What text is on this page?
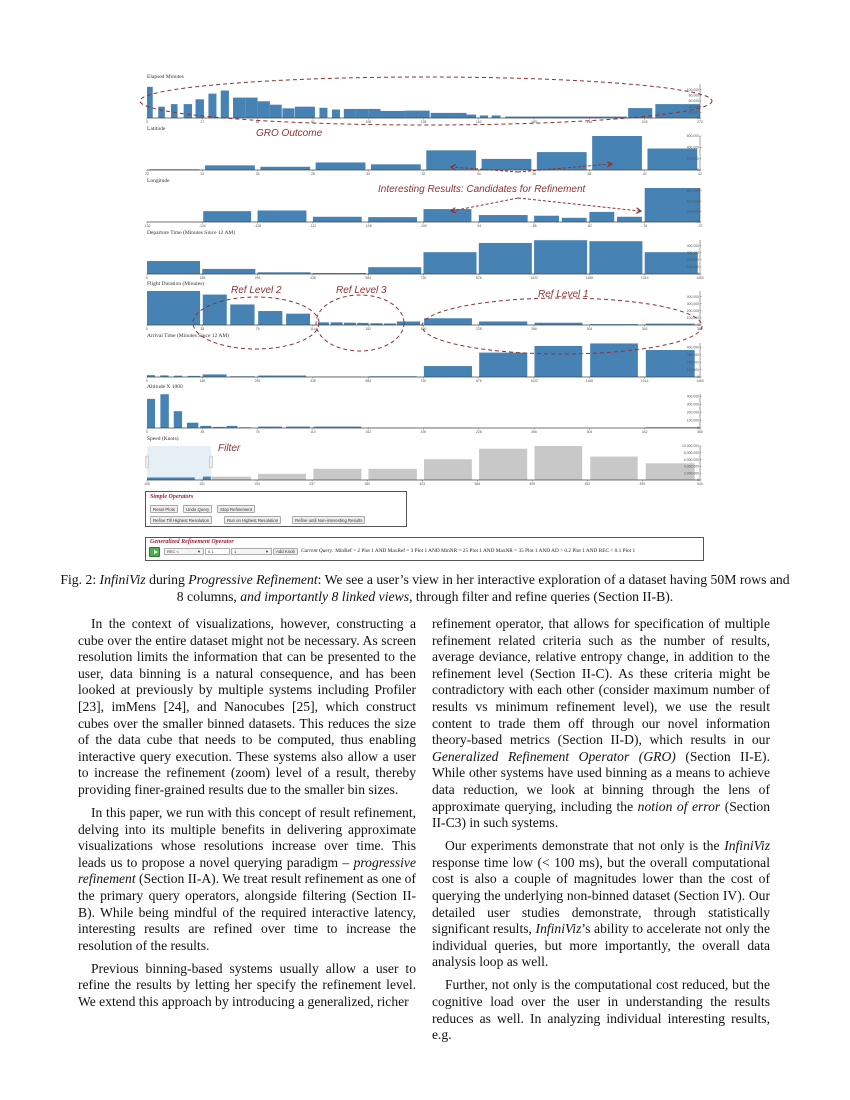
Elapsed Minutes
0	27	54	81	108	135	162	189	216	243	270
0
20,000
40,000
60,000
80,000
100,000
Latitude
22	24	26	28	30	32	34	36	38	40	42
0
200,000
400,000
600,000
Longitude
-130	-124	-118	-112	-106	-100	-94	-88	-82	-76	-70
0
200,000
400,000
600,000
Departure Time (Minutes Since 12 AM)
0	146	292	438	584	730	876	1022	1168	1314	1460
0
100,000
200,000
300,000
400,000
Flight Duration (Minutes)
0	38	76	114	152	190	228	266	304	342	380
0
100,000
200,000
300,000
400,000
Arrival Time (Minutes Since 12 AM)
0	146	292	438	584	730	876	1022	1168	1314	1460
0
100,000
200,000
300,000
400,000
Altitude X 1000
0	38	76	114	152	190	228	266	304	342	380
0
100,000
200,000
300,000
400,000
Speed (Knots)
108	151	194	237	280	323	366	409	452	495	540
0
2,000,000
4,000,000
6,000,000
8,000,000
10,000,000
GRO Outcome
Interesting Results: Candidates for Refinement
Ref Level 2	Ref Level 3	Ref Level 1
Filter
Simple Operators
Reset Plots	Undo Query	Stop Refinement
Refine Till Highest Resolution	Run on Highest Resolution	Refine until Non-interesting Results
Generalized Refinement Operator
REC <	▼	0.1	1	▼	Add Knob	Current Query: MinRef = 2 Plot 1 AND MaxRef = 3 Plot 1 AND MinNR = 25 Plot 1 AND MaxNR = 35 Plot 1 AND AD > 0.2 Plot 1 AND REC < 0.1 Plot 1
Fig. 2: InfiniViz during Progressive Refinement: We see a user’s view in her interactive exploration of a dataset having 50M rows and 8 columns, and importantly 8 linked views, through filter and refine queries (Section II-B).

In the context of visualizations, however, constructing a cube over the entire dataset might not be necessary. As screen resolution limits the information that can be presented to the user, data binning is a natural consequence, and has been looked at previously by multiple systems including Profiler [23], imMens [24], and Nanocubes [25], which construct cubes over the smaller binned datasets. This reduces the size of the data cube that needs to be computed, thus enabling interactive query execution. These systems also allow a user to increase the refinement (zoom) level of a result, thereby providing finer-grained results due to the smaller bin sizes.

In this paper, we run with this concept of result refinement, delving into its multiple benefits in delivering approximate visualizations whose resolutions increase over time. This leads us to propose a novel querying paradigm – progressive refinement (Section II-A). We treat result refinement as one of the primary query operators, alongside filtering (Section II-B). While being mindful of the required interactive latency, interesting results are refined over time to increase the resolution of the results.

Previous binning-based systems usually allow a user to refine the results by letting her specify the refinement level. We extend this approach by introducing a generalized, richer

refinement operator, that allows for specification of multiple refinement related criteria such as the number of results, average deviance, relative entropy change, in addition to the refinement level (Section II-C). As these criteria might be contradictory with each other (consider maximum number of results vs minimum refinement level), we use the result content to trade them off through our novel information theory-based metrics (Section II-D), which results in our Generalized Refinement Operator (GRO) (Section II-E). While other systems have used binning as a means to achieve data reduction, we look at binning through the lens of approximate querying, including the notion of error (Section II-C3) in such systems.

Our experiments demonstrate that not only is the InfiniViz response time low (< 100 ms), but the overall computational cost is also a couple of magnitudes lower than the cost of querying the underlying non-binned dataset (Section IV). Our detailed user studies demonstrate, through statistically significant results, InfiniViz’s ability to accelerate not only the individual queries, but more importantly, the overall data analysis loop as well.

Further, not only is the computational cost reduced, but the cognitive load over the user in understanding the results reduces as well. In analyzing individual interesting results, e.g.
